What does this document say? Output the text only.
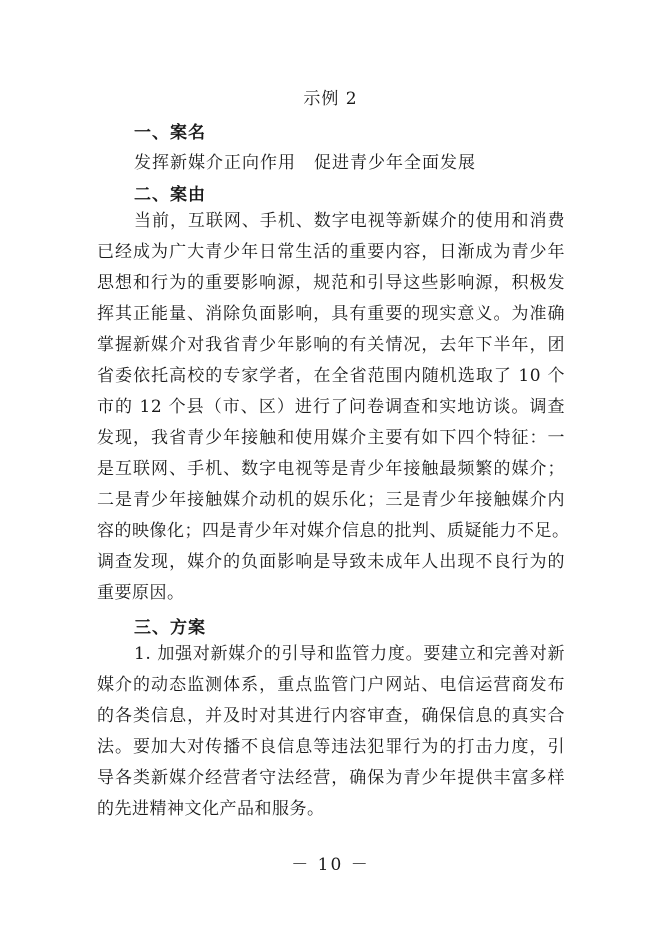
示例 2
一、案名
发挥新媒介正向作用　促进青少年全面发展
二、案由
当前，互联网、手机、数字电视等新媒介的使用和消费
已经成为广大青少年日常生活的重要内容，日渐成为青少年
思想和行为的重要影响源，规范和引导这些影响源，积极发
挥其正能量、消除负面影响，具有重要的现实意义。为准确
掌握新媒介对我省青少年影响的有关情况，去年下半年，团
省委依托高校的专家学者，在全省范围内随机选取了 10 个
市的 12 个县（市、区）进行了问卷调查和实地访谈。调查
发现，我省青少年接触和使用媒介主要有如下四个特征：一
是互联网、手机、数字电视等是青少年接触最频繁的媒介；
二是青少年接触媒介动机的娱乐化；三是青少年接触媒介内
容的映像化；四是青少年对媒介信息的批判、质疑能力不足。
调查发现，媒介的负面影响是导致未成年人出现不良行为的
重要原因。
三、方案
1. 加强对新媒介的引导和监管力度。要建立和完善对新
媒介的动态监测体系，重点监管门户网站、电信运营商发布
的各类信息，并及时对其进行内容审查，确保信息的真实合
法。要加大对传播不良信息等违法犯罪行为的打击力度，引
导各类新媒介经营者守法经营，确保为青少年提供丰富多样
的先进精神文化产品和服务。
－ 10 －
